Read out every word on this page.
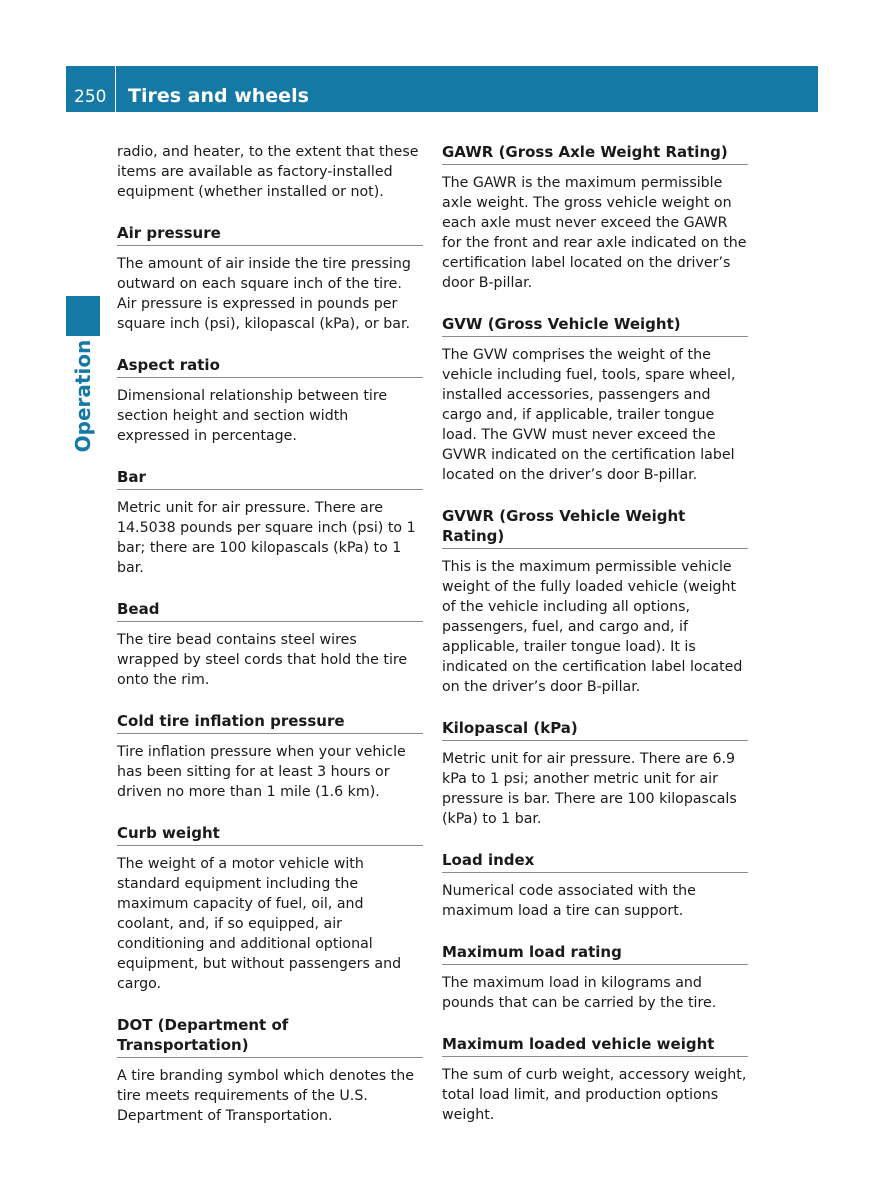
250 Tires and wheels
Operation

radio, and heater, to the extent that these items are available as factory-installed equipment (whether installed or not).

Air pressure

The amount of air inside the tire pressing outward on each square inch of the tire. Air pressure is expressed in pounds per square inch (psi), kilopascal (kPa), or bar.

Aspect ratio

Dimensional relationship between tire section height and section width expressed in percentage.

Bar

Metric unit for air pressure. There are 14.5038 pounds per square inch (psi) to 1 bar; there are 100 kilopascals (kPa) to 1 bar.

Bead

The tire bead contains steel wires wrapped by steel cords that hold the tire onto the rim.

Cold tire inflation pressure

Tire inflation pressure when your vehicle has been sitting for at least 3 hours or driven no more than 1 mile (1.6 km).

Curb weight

The weight of a motor vehicle with standard equipment including the maximum capacity of fuel, oil, and coolant, and, if so equipped, air conditioning and additional optional equipment, but without passengers and cargo.

DOT (Department of Transportation)

A tire branding symbol which denotes the tire meets requirements of the U.S. Department of Transportation.

GAWR (Gross Axle Weight Rating)

The GAWR is the maximum permissible axle weight. The gross vehicle weight on each axle must never exceed the GAWR for the front and rear axle indicated on the certification label located on the driver’s door B-pillar.

GVW (Gross Vehicle Weight)

The GVW comprises the weight of the vehicle including fuel, tools, spare wheel, installed accessories, passengers and cargo and, if applicable, trailer tongue load. The GVW must never exceed the GVWR indicated on the certification label located on the driver’s door B-pillar.

GVWR (Gross Vehicle Weight Rating)

This is the maximum permissible vehicle weight of the fully loaded vehicle (weight of the vehicle including all options, passengers, fuel, and cargo and, if applicable, trailer tongue load). It is indicated on the certification label located on the driver’s door B-pillar.

Kilopascal (kPa)

Metric unit for air pressure. There are 6.9 kPa to 1 psi; another metric unit for air pressure is bar. There are 100 kilopascals (kPa) to 1 bar.

Load index

Numerical code associated with the maximum load a tire can support.

Maximum load rating

The maximum load in kilograms and pounds that can be carried by the tire.

Maximum loaded vehicle weight

The sum of curb weight, accessory weight, total load limit, and production options weight.
